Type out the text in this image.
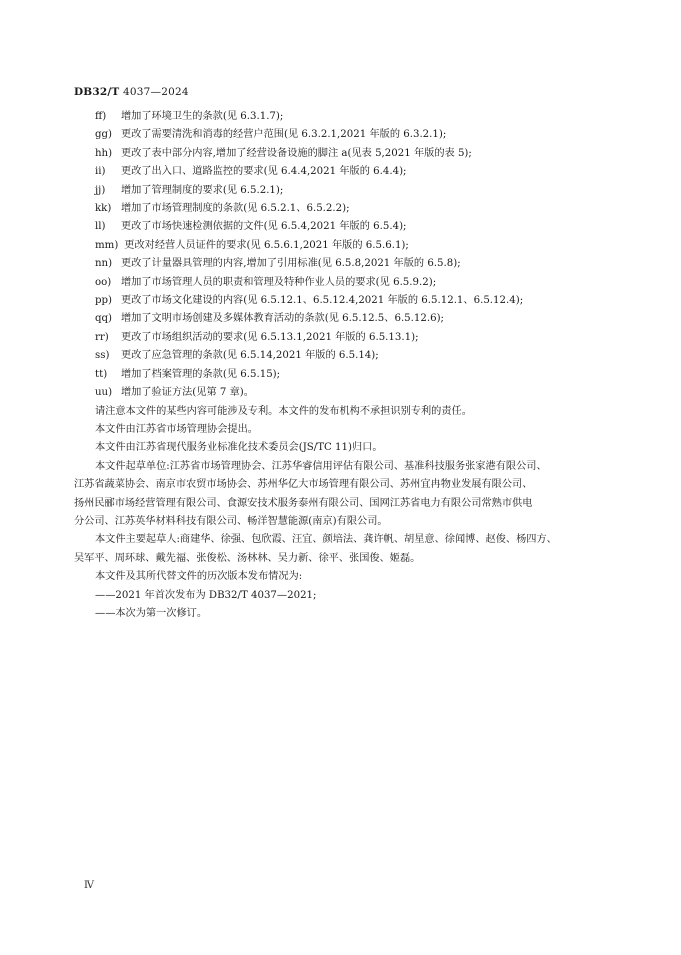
DB32/T 4037—2024
ff) 增加了环境卫生的条款(见 6.3.1.7);
gg) 更改了需要清洗和消毒的经营户范围(见 6.3.2.1,2021 年版的 6.3.2.1);
hh) 更改了表中部分内容,增加了经营设备设施的脚注 a(见表 5,2021 年版的表 5);
ii) 更改了出入口、道路监控的要求(见 6.4.4,2021 年版的 6.4.4);
jj) 增加了管理制度的要求(见 6.5.2.1);
kk) 增加了市场管理制度的条款(见 6.5.2.1、6.5.2.2);
ll) 更改了市场快速检测依据的文件(见 6.5.4,2021 年版的 6.5.4);
mm) 更改对经营人员证件的要求(见 6.5.6.1,2021 年版的 6.5.6.1);
nn) 更改了计量器具管理的内容,增加了引用标准(见 6.5.8,2021 年版的 6.5.8);
oo) 增加了市场管理人员的职责和管理及特种作业人员的要求(见 6.5.9.2);
pp) 更改了市场文化建设的内容(见 6.5.12.1、6.5.12.4,2021 年版的 6.5.12.1、6.5.12.4);
qq) 增加了文明市场创建及多媒体教育活动的条款(见 6.5.12.5、6.5.12.6);
rr) 更改了市场组织活动的要求(见 6.5.13.1,2021 年版的 6.5.13.1);
ss) 更改了应急管理的条款(见 6.5.14,2021 年版的 6.5.14);
tt) 增加了档案管理的条款(见 6.5.15);
uu) 增加了验证方法(见第 7 章)。
请注意本文件的某些内容可能涉及专利。本文件的发布机构不承担识别专利的责任。
本文件由江苏省市场管理协会提出。
本文件由江苏省现代服务业标准化技术委员会(JS/TC 11)归口。
本文件起草单位:江苏省市场管理协会、江苏华睿信用评估有限公司、基准科技服务张家港有限公司、
江苏省蔬菜协会、南京市农贸市场协会、苏州华亿大市场管理有限公司、苏州宜冉物业发展有限公司、
扬州民郦市场经营管理有限公司、食源安技术服务泰州有限公司、国网江苏省电力有限公司常熟市供电
分公司、江苏英华材料科技有限公司、畅洋智慧能源(南京)有限公司。
本文件主要起草人:商建华、徐强、包欣霞、汪宜、颜培法、龚许帆、胡星意、徐闻博、赵俊、杨四方、
吴军平、周环球、戴先福、张俊松、汤林林、吴力新、徐平、张国俊、姬磊。
本文件及其所代替文件的历次版本发布情况为:
——2021 年首次发布为 DB32/T 4037—2021;
——本次为第一次修订。
Ⅳ
